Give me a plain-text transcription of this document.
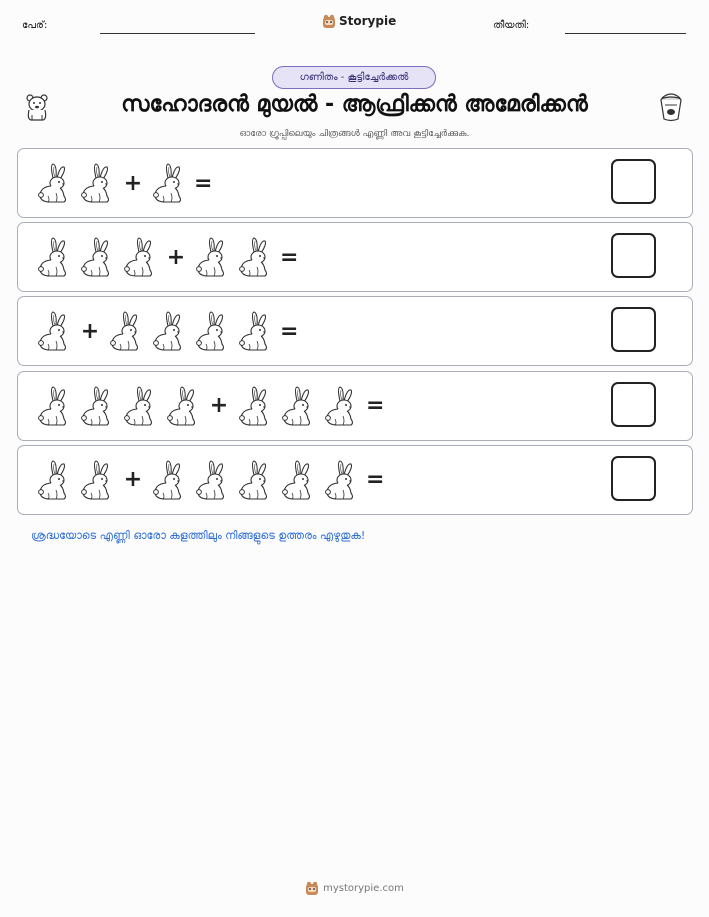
പേര്:	Storypie	തീയതി:
ഗണിതം - കൂട്ടിച്ചേർക്കൽ
സഹോദരൻ മുയൽ - ആഫ്രിക്കൻ അമേരിക്കൻ
ഓരോ ഗ്രൂപ്പിലെയും ചിത്രങ്ങൾ എണ്ണി അവ കൂട്ടിച്ചേർക്കുക.
+ =
+	=
+	=
+	=
+	=
ശ്രദ്ധയോടെ എണ്ണി ഓരോ കളത്തിലും നിങ്ങളുടെ ഉത്തരം എഴുതുക!
mystorypie.com
